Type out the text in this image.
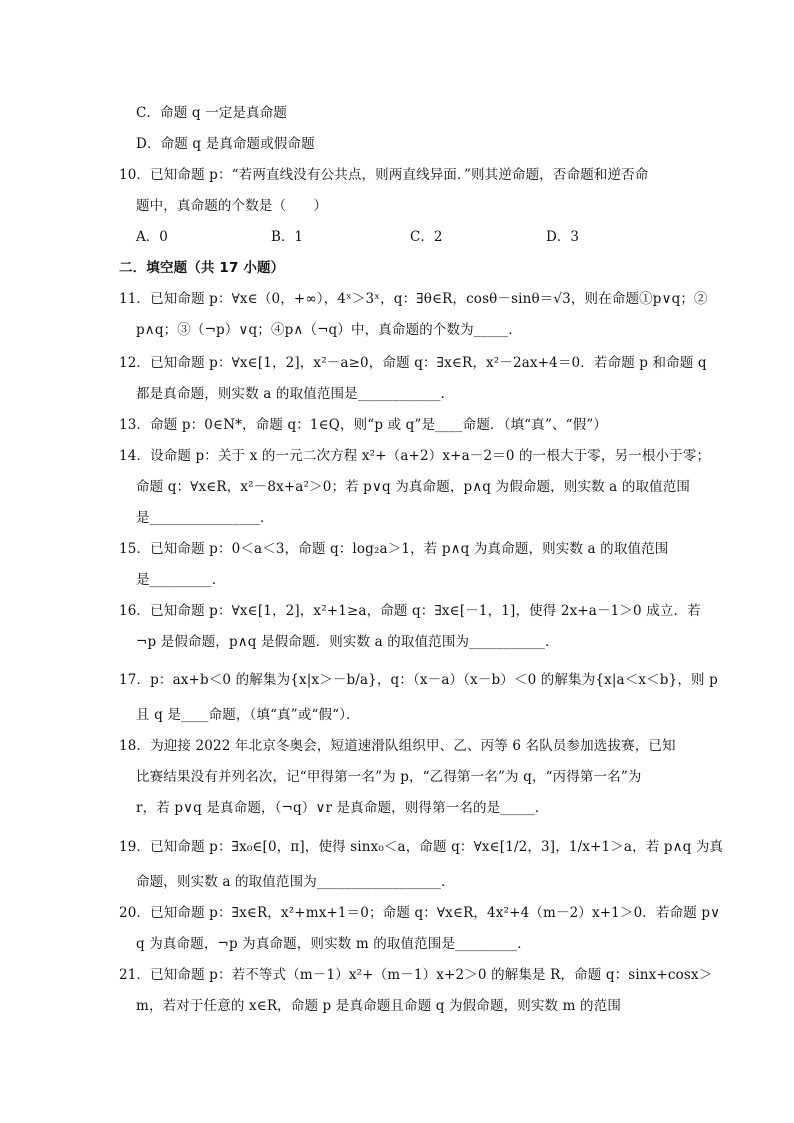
C．命题 q 一定是真命题
D．命题 q 是真命题或假命题
10．已知命题 p：“若两直线没有公共点，则两直线异面．”则其逆命题，否命题和逆否命
题中，真命题的个数是（　　）
A．0	B．1	C．2	D．3
二．填空题（共 17 小题）
11．已知命题 p：∀x∈（0，+∞），4ˣ＞3ˣ，q：∃θ∈R，cosθ－sinθ＝√3，则在命题①p∨q；②
p∧q；③（¬p）∨q；④p∧（¬q）中，真命题的个数为_____．
12．已知命题 p：∀x∈[1，2]，x²－a≥0，命题 q：∃x∈R，x²－2ax+4＝0．若命题 p 和命题 q
都是真命题，则实数 a 的取值范围是____________．
13．命题 p：0∈N*，命题 q：1∈Q，则“p 或 q”是____命题．（填“真”、“假”）
14．设命题 p：关于 x 的一元二次方程 x²+（a+2）x+a－2＝0 的一根大于零，另一根小于零；
命题 q：∀x∈R，x²－8x+a²＞0；若 p∨q 为真命题，p∧q 为假命题，则实数 a 的取值范围
是________________．
15．已知命题 p：0＜a＜3，命题 q：log₂a＞1，若 p∧q 为真命题，则实数 a 的取值范围
是_________．
16．已知命题 p：∀x∈[1，2]，x²+1≥a，命题 q：∃x∈[－1，1]，使得 2x+a－1＞0 成立．若
¬p 是假命题，p∧q 是假命题．则实数 a 的取值范围为___________．
17．p：ax+b＜0 的解集为{x|x＞－b/a}，q：（x－a）（x－b）＜0 的解集为{x|a＜x＜b}，则 p
且 q 是____命题，（填“真”或“假“）．
18．为迎接 2022 年北京冬奥会，短道速滑队组织甲、乙、丙等 6 名队员参加选拔赛，已知
比赛结果没有并列名次，记“甲得第一名”为 p，“乙得第一名”为 q，“丙得第一名”为
r，若 p∨q 是真命题，（¬q）∨r 是真命题，则得第一名的是_____．
19．已知命题 p：∃x₀∈[0，π]，使得 sinx₀＜a，命题 q：∀x∈[1/2，3]，1/x+1＞a，若 p∧q 为真
命题，则实数 a 的取值范围为__________________．
20．已知命题 p：∃x∈R，x²+mx+1＝0；命题 q：∀x∈R，4x²+4（m－2）x+1＞0．若命题 p∨
q 为真命题，¬p 为真命题，则实数 m 的取值范围是_________．
21．已知命题 p：若不等式（m－1）x²+（m－1）x+2＞0 的解集是 R，命题 q：sinx+cosx＞
m，若对于任意的 x∈R，命题 p 是真命题且命题 q 为假命题，则实数 m 的范围
